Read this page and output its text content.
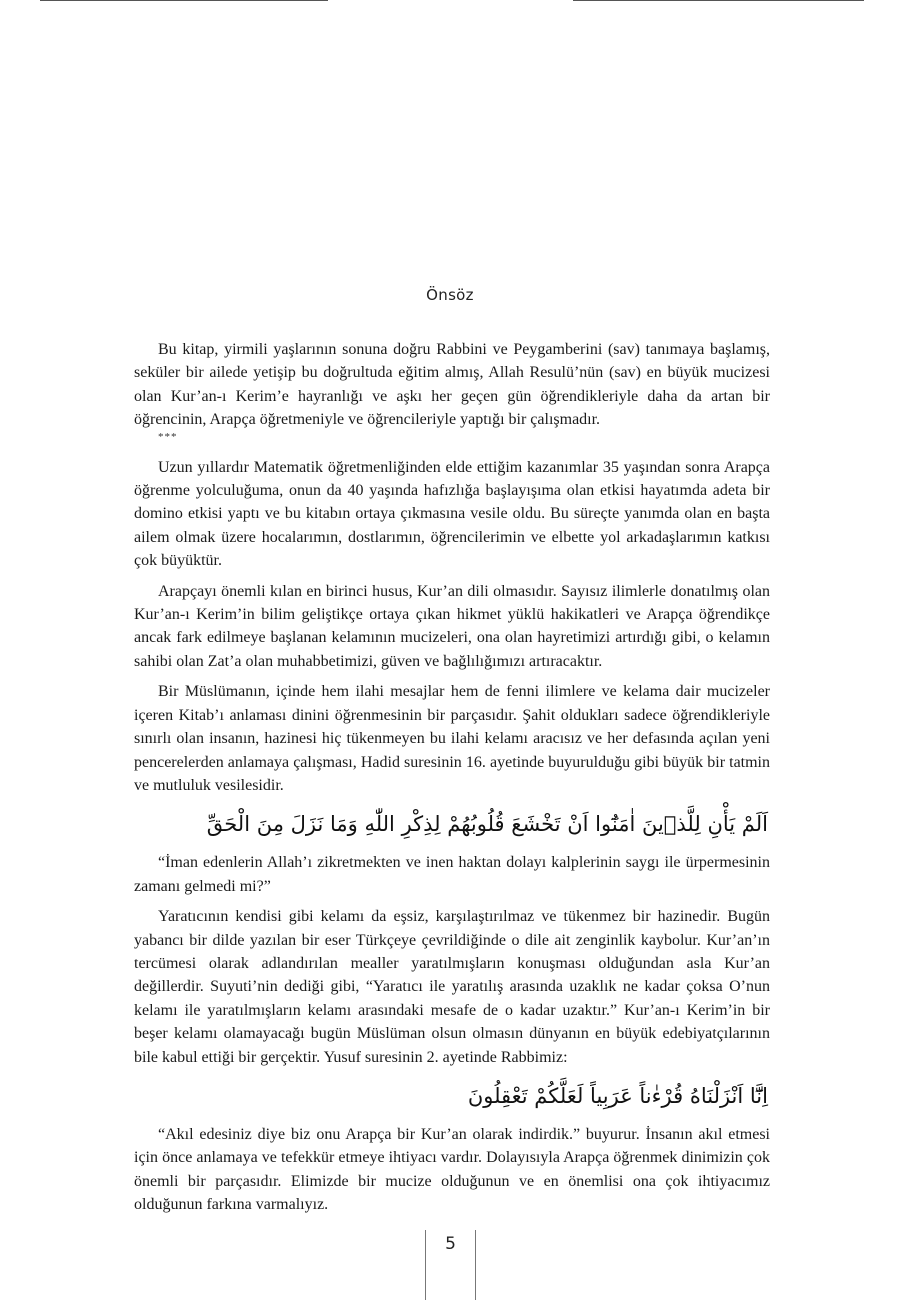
Önsöz

Bu kitap, yirmili yaşlarının sonuna doğru Rabbini ve Peygamberini (sav) tanımaya başlamış, seküler bir ailede yetişip bu doğrultuda eğitim almış, Allah Resulü’nün (sav) en büyük mucizesi olan Kur’an-ı Kerim’e hayranlığı ve aşkı her geçen gün öğrendikleriyle daha da artan bir öğrencinin, Arapça öğretmeniyle ve öğrencileriyle yaptığı bir çalışmadır.

***

Uzun yıllardır Matematik öğretmenliğinden elde ettiğim kazanımlar 35 yaşından sonra Arapça öğrenme yolculuğuma, onun da 40 yaşında hafızlığa başlayışıma olan etkisi hayatımda adeta bir domino etkisi yaptı ve bu kitabın ortaya çıkmasına vesile oldu. Bu süreçte yanımda olan en başta ailem olmak üzere hocalarımın, dostlarımın, öğrencilerimin ve elbette yol arkadaşlarımın katkısı çok büyüktür.

Arapçayı önemli kılan en birinci husus, Kur’an dili olmasıdır. Sayısız ilimlerle donatılmış olan Kur’an-ı Kerim’in bilim geliştikçe ortaya çıkan hikmet yüklü hakikatleri ve Arapça öğrendikçe ancak fark edilmeye başlanan kelamının mucizeleri, ona olan hayretimizi artırdığı gibi, o kelamın sahibi olan Zat’a olan muhabbetimizi, güven ve bağlılığımızı artıracaktır.

Bir Müslümanın, içinde hem ilahi mesajlar hem de fenni ilimlere ve kelama dair mucizeler içeren Kitab’ı anlaması dinini öğrenmesinin bir parçasıdır. Şahit oldukları sadece öğrendikleriyle sınırlı olan insanın, hazinesi hiç tükenmeyen bu ilahi kelamı aracısız ve her defasında açılan yeni pencerelerden anlamaya çalışması, Hadid suresinin 16. ayetinde buyurulduğu gibi büyük bir tatmin ve mutluluk vesilesidir.

اَلَمْ يَأْنِ لِلَّذٖينَ اٰمَنُٓوا اَنْ تَخْشَعَ قُلُوبُهُمْ لِذِكْرِ اللّٰهِ وَمَا نَزَلَ مِنَ الْحَقِّ

“İman edenlerin Allah’ı zikretmekten ve inen haktan dolayı kalplerinin saygı ile ürpermesinin zamanı gelmedi mi?”

Yaratıcının kendisi gibi kelamı da eşsiz, karşılaştırılmaz ve tükenmez bir hazinedir. Bugün yabancı bir dilde yazılan bir eser Türkçeye çevrildiğinde o dile ait zenginlik kaybolur. Kur’an’ın tercümesi olarak adlandırılan mealler yaratılmışların konuşması olduğundan asla Kur’an değillerdir. Suyuti’nin dediği gibi, “Yaratıcı ile yaratılış arasında uzaklık ne kadar çoksa O’nun kelamı ile yaratılmışların kelamı arasındaki mesafe de o kadar uzaktır.” Kur’an-ı Kerim’in bir beşer kelamı olamayacağı bugün Müslüman olsun olmasın dünyanın en büyük edebiyatçılarının bile kabul ettiği bir gerçektir. Yusuf suresinin 2. ayetinde Rabbimiz:

اِنَّٓا اَنْزَلْنَاهُ قُرْءٰناً عَرَبِياً لَعَلَّكُمْ تَعْقِلُونَ

“Akıl edesiniz diye biz onu Arapça bir Kur’an olarak indirdik.” buyurur. İnsanın akıl etmesi için önce anlamaya ve tefekkür etmeye ihtiyacı vardır. Dolayısıyla Arapça öğrenmek dinimizin çok önemli bir parçasıdır. Elimizde bir mucize olduğunun ve en önemlisi ona çok ihtiyacımız olduğunun farkına varmalıyız.

5
